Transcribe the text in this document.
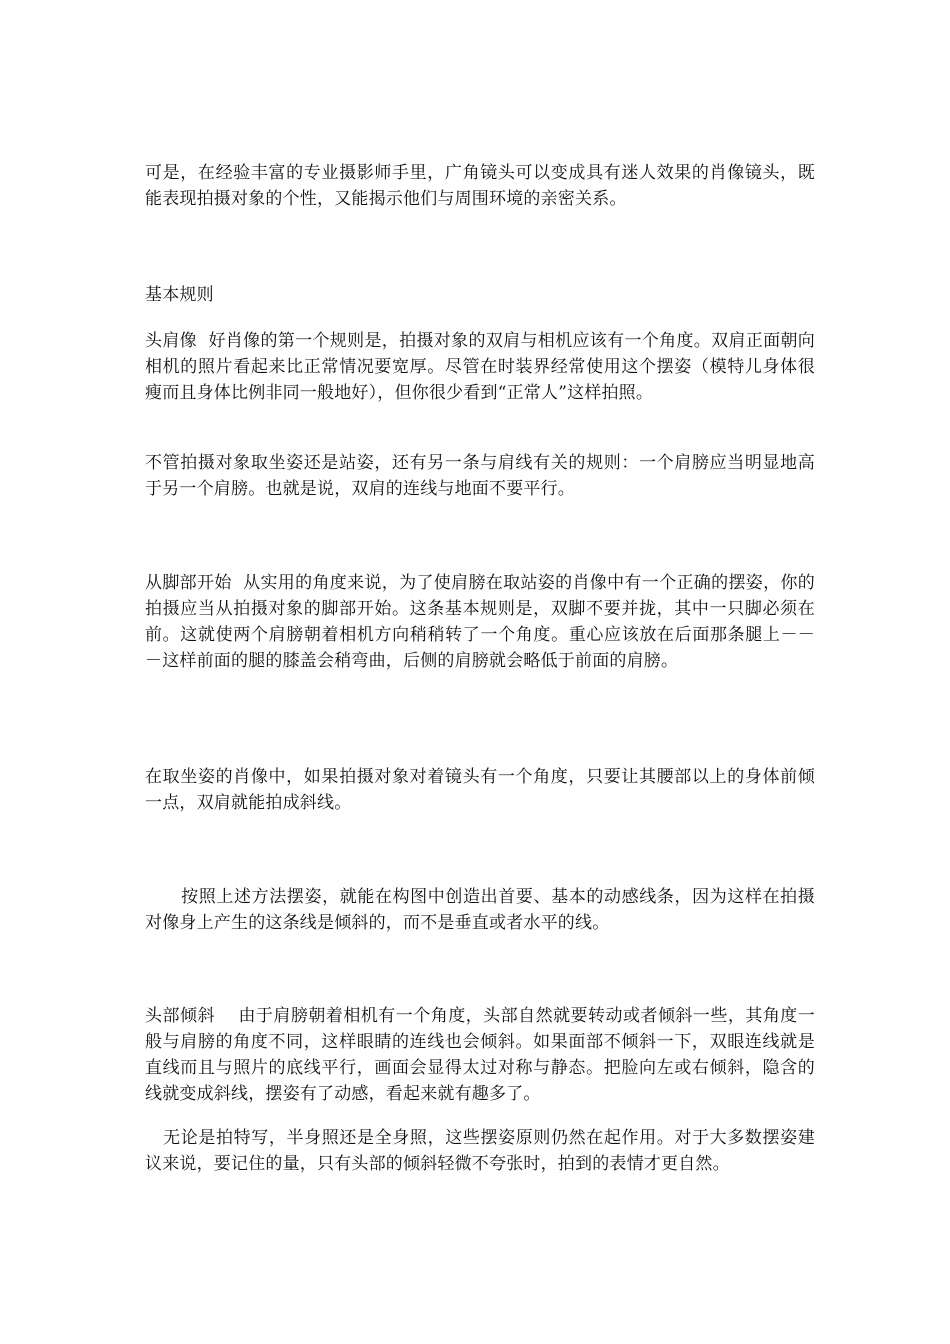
可是，在经验丰富的专业摄影师手里，广角镜头可以变成具有迷人效果的肖像镜头，既能表现拍摄对象的个性，又能揭示他们与周围环境的亲密关系。

基本规则

头肩像  好肖像的第一个规则是，拍摄对象的双肩与相机应该有一个角度。双肩正面朝向相机的照片看起来比正常情况要宽厚。尽管在时装界经常使用这个摆姿（模特儿身体很瘦而且身体比例非同一般地好），但你很少看到“正常人”这样拍照。

不管拍摄对象取坐姿还是站姿，还有另一条与肩线有关的规则：一个肩膀应当明显地高于另一个肩膀。也就是说，双肩的连线与地面不要平行。

从脚部开始  从实用的角度来说，为了使肩膀在取站姿的肖像中有一个正确的摆姿，你的拍摄应当从拍摄对象的脚部开始。这条基本规则是，双脚不要并拢，其中一只脚必须在前。这就使两个肩膀朝着相机方向稍稍转了一个角度。重心应该放在后面那条腿上－－－这样前面的腿的膝盖会稍弯曲，后侧的肩膀就会略低于前面的肩膀。

在取坐姿的肖像中，如果拍摄对象对着镜头有一个角度，只要让其腰部以上的身体前倾一点，双肩就能拍成斜线。

按照上述方法摆姿，就能在构图中创造出首要、基本的动感线条，因为这样在拍摄对像身上产生的这条线是倾斜的，而不是垂直或者水平的线。

头部倾斜    由于肩膀朝着相机有一个角度，头部自然就要转动或者倾斜一些，其角度一般与肩膀的角度不同，这样眼睛的连线也会倾斜。如果面部不倾斜一下，双眼连线就是直线而且与照片的底线平行，画面会显得太过对称与静态。把脸向左或右倾斜，隐含的线就变成斜线，摆姿有了动感，看起来就有趣多了。

无论是拍特写，半身照还是全身照，这些摆姿原则仍然在起作用。对于大多数摆姿建议来说，要记住的量，只有头部的倾斜轻微不夸张时，拍到的表情才更自然。
